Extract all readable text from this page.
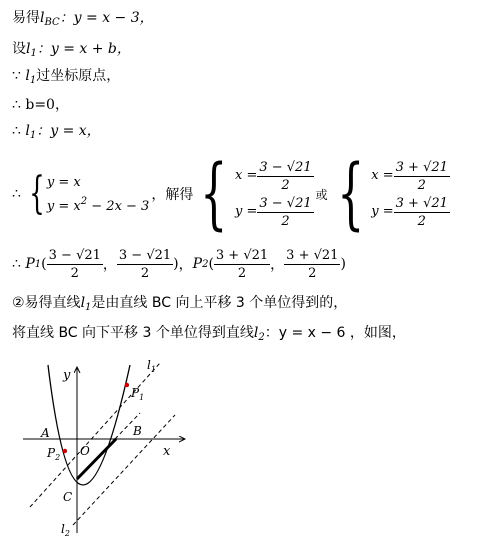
易得$l_{BC}$：y = x − 3，
设$l_1$：y = x + b，
∵ $l_1$过坐标原点，
∴ b=0，
∴ $l_1$：y = x，
∴ { y = x
$y = x^2 - 2x - 3$
，解得 { $x = \frac{3 - √21}{2}$
$y = \frac{3 - √21}{2}$ 或 { $x = \frac{3 + √21}{2}$
$y = \frac{3 + √21}{2}$
∴
P 1 ( $\frac{3 - √21}{2}$ ， $\frac{3 - √21}{2}$ ) ， P 2 ( $\frac{3 + √21}{2}$ ， $\frac{3 + √21}{2}$ )
②易得直线$l_1$是由直线 BC 向上平移 3 个单位得到的，
将直线 BC 向下平移 3 个单位得到直线$l_2$：y = x − 6 ，如图，
y
x
$l_1$
$l_2$
A
O
B
C
$P_1$
$P_2$
